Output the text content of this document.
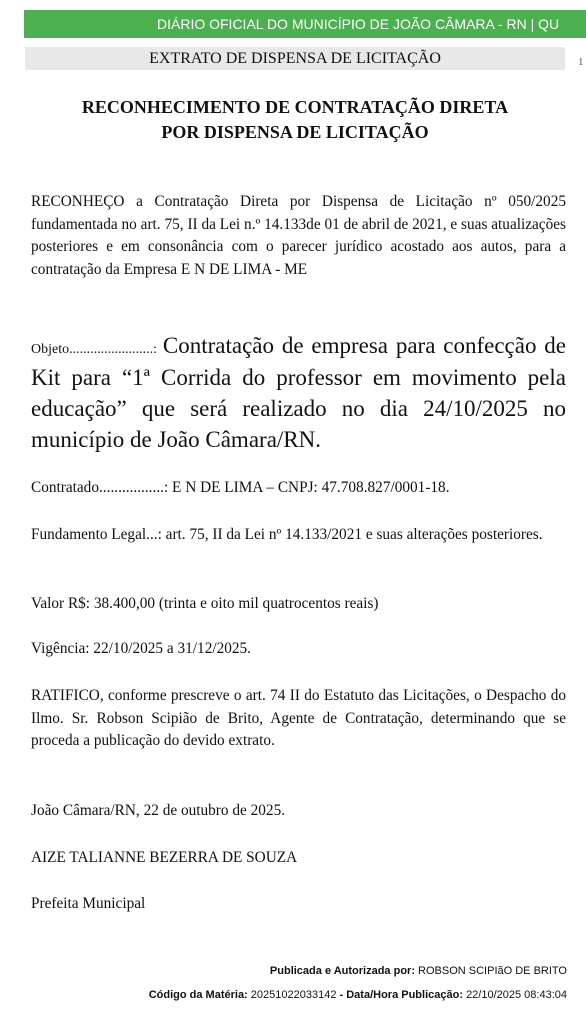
DIÁRIO OFICIAL DO MUNICÍPIO DE JOÃO CÂMARA - RN | QU
EXTRATO DE DISPENSA DE LICITAÇÃO	1
RECONHECIMENTO DE CONTRATAÇÃO DIRETA
POR DISPENSA DE LICITAÇÃO
RECONHEÇO a Contratação Direta por Dispensa de Licitação nº 050/2025 fundamentada no art. 75, II da Lei n.º 14.133de 01 de abril de 2021, e suas atualizações posteriores e em consonância com o parecer jurídico acostado aos autos, para a contratação da Empresa E N DE LIMA - ME
Objeto........................: Contratação de empresa para confecção de Kit para “1ª Corrida do professor em movimento pela educação” que será realizado no dia 24/10/2025 no município de João Câmara/RN.
Contratado.................: E N DE LIMA – CNPJ: 47.708.827/0001-18.
Fundamento Legal...: art. 75, II da Lei nº 14.133/2021 e suas alterações posteriores.
Valor R$: 38.400,00 (trinta e oito mil quatrocentos reais)
Vigência: 22/10/2025 a 31/12/2025.
RATIFICO, conforme prescreve o art. 74 II do Estatuto das Licitações, o Despacho do Ilmo. Sr. Robson Scipião de Brito, Agente de Contratação, determinando que se proceda a publicação do devido extrato.
João Câmara/RN, 22 de outubro de 2025.
AIZE TALIANNE BEZERRA DE SOUZA
Prefeita Municipal
Publicada e Autorizada por: ROBSON SCIPIãO DE BRITO
Código da Matéria: 20251022033142 - Data/Hora Publicação: 22/10/2025 08:43:04
